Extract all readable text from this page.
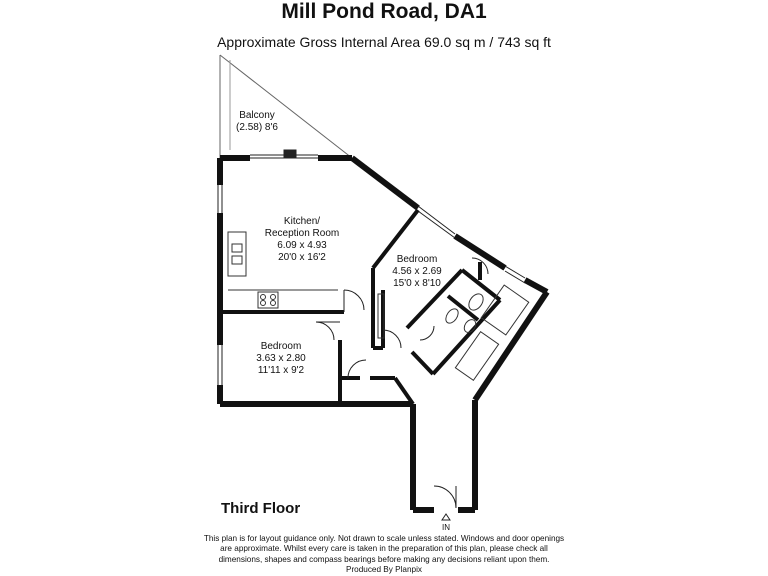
Mill Pond Road, DA1
Approximate Gross Internal Area 69.0 sq m / 743 sq ft
Balcony
(2.58) 8'6
Kitchen/
Reception Room
6.09 x 4.93
20'0 x 16'2	Bedroom
4.56 x 2.69
15'0 x 8'10
Bedroom
3.63 x 2.80
11'11 x 9'2
IN
Third Floor
This plan is for layout guidance only. Not drawn to scale unless stated. Windows and door openings
are approximate. Whilst every care is taken in the preparation of this plan, please check all
dimensions, shapes and compass bearings before making any decisions reliant upon them.
Produced By Planpix
